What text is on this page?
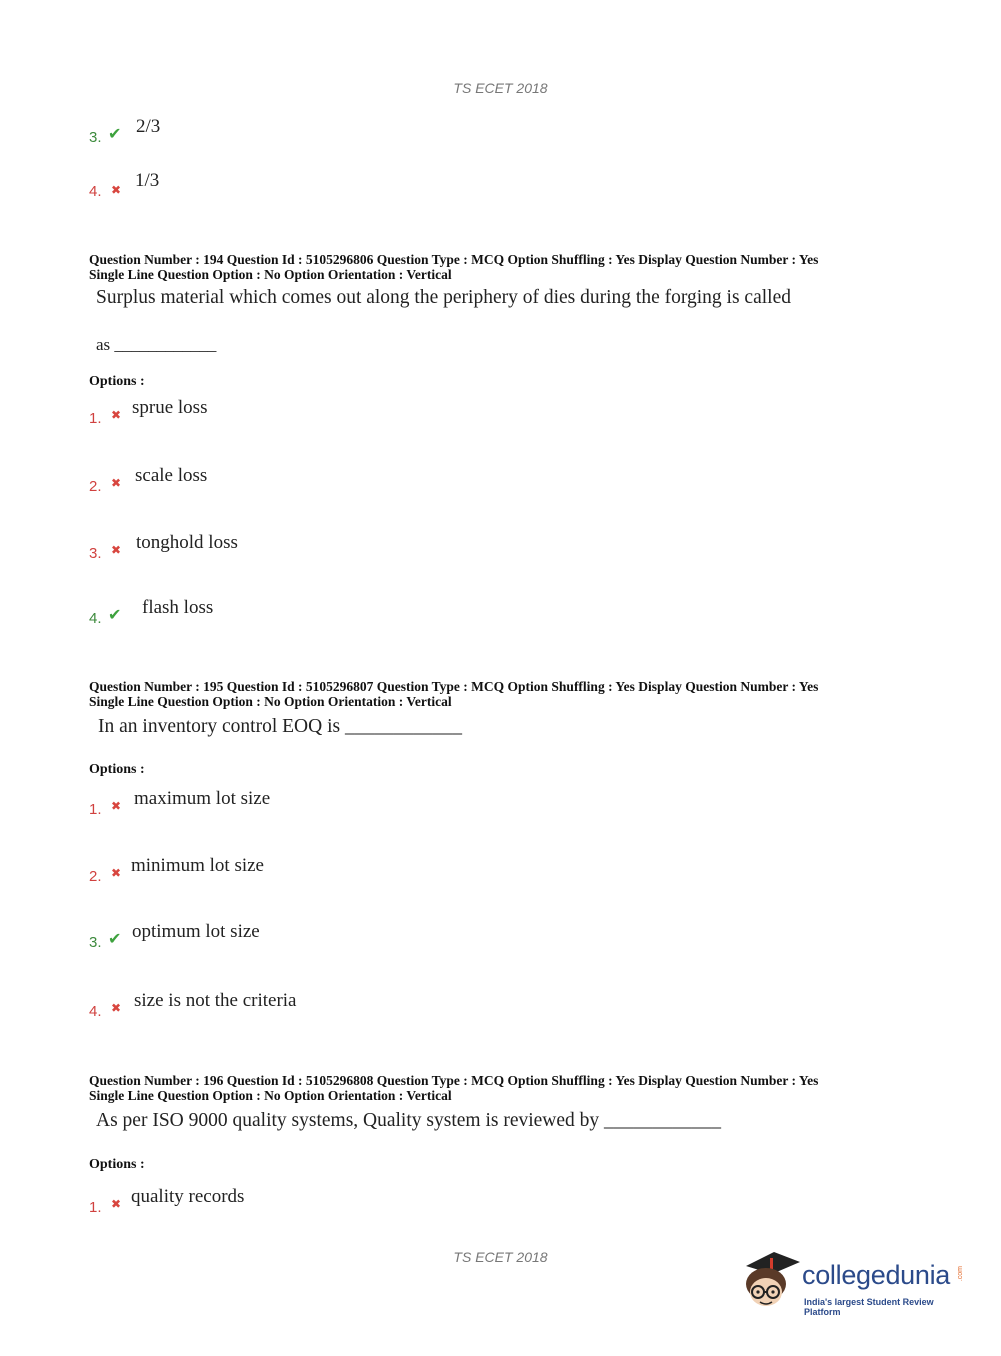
TS ECET 2018
3. ✔ 2/3
4. ✖ 1/3
Question Number : 194 Question Id : 5105296806 Question Type : MCQ Option Shuffling : Yes Display Question Number : Yes
Single Line Question Option : No Option Orientation : Vertical
Surplus material which comes out along the periphery of dies during the forging is called
as ____________
Options :
1. ✖ sprue loss
2. ✖ scale loss
3. ✖ tonghold loss
4. ✔ flash loss
Question Number : 195 Question Id : 5105296807 Question Type : MCQ Option Shuffling : Yes Display Question Number : Yes
Single Line Question Option : No Option Orientation : Vertical
In an inventory control EOQ is ____________
Options :
1. ✖ maximum lot size
2. ✖ minimum lot size
3. ✔ optimum lot size
4. ✖ size is not the criteria
Question Number : 196 Question Id : 5105296808 Question Type : MCQ Option Shuffling : Yes Display Question Number : Yes
Single Line Question Option : No Option Orientation : Vertical
As per ISO 9000 quality systems, Quality system is reviewed by ____________
Options :
1. ✖ quality records
TS ECET 2018
collegedunia .com
India's largest Student Review Platform
